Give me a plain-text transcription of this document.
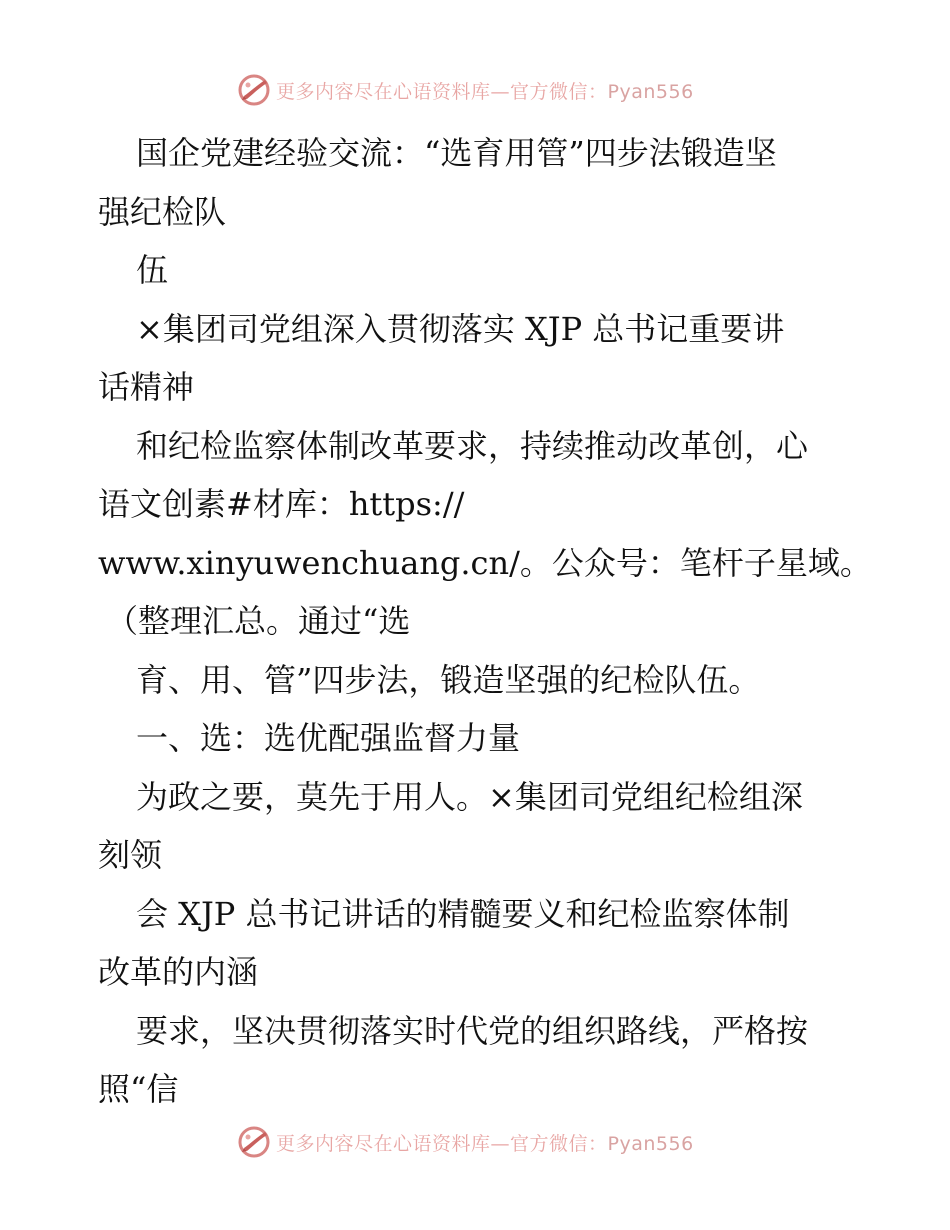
更多内容尽在心语资料库—官方微信：Pyan556

国企党建经验交流：“选育用管”四步法锻造坚

强纪检队

伍

×集团司党组深入贯彻落实 XJP 总书记重要讲

话精神

和纪检监察体制改革要求，持续推动改革创，心

语文创素#材库：https://

www.xinyuwenchuang.cn/。公众号：笔杆子星域。

（整理汇总。通过“选

育、用、管”四步法，锻造坚强的纪检队伍。

一、选：选优配强监督力量

为政之要，莫先于用人。×集团司党组纪检组深

刻领

会 XJP 总书记讲话的精髓要义和纪检监察体制

改革的内涵

要求，坚决贯彻落实时代党的组织路线，严格按

照“信

更多内容尽在心语资料库—官方微信：Pyan556
